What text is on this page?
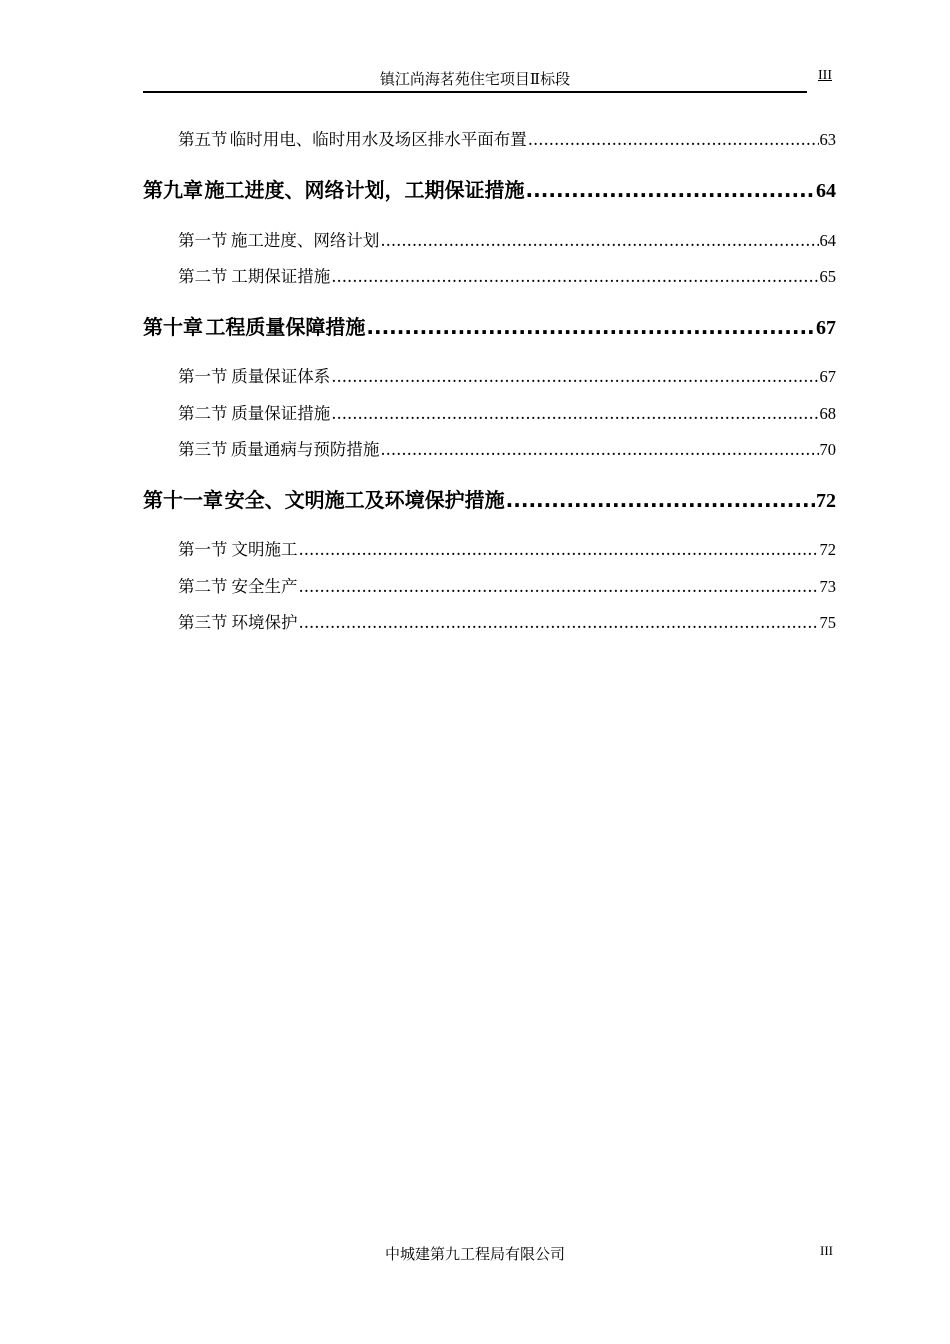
镇江尚海茗苑住宅项目Ⅱ标段	III
第五节 临时用电、临时用水及场区排水平面布置 .....	63
第九章 施工进度、网络计划，工期保证措施 .....	64
第一节 施工进度、网络计划 .....	64
第二节 工期保证措施 .....	65
第十章 工程质量保障措施 .....	67
第一节 质量保证体系 .....	67
第二节 质量保证措施 .....	68
第三节 质量通病与预防措施 .....	70
第十一章 安全、文明施工及环境保护措施 .....	72
第一节 文明施工 .....	72
第二节 安全生产 .....	73
第三节 环境保护 .....	75
中城建第九工程局有限公司	III
